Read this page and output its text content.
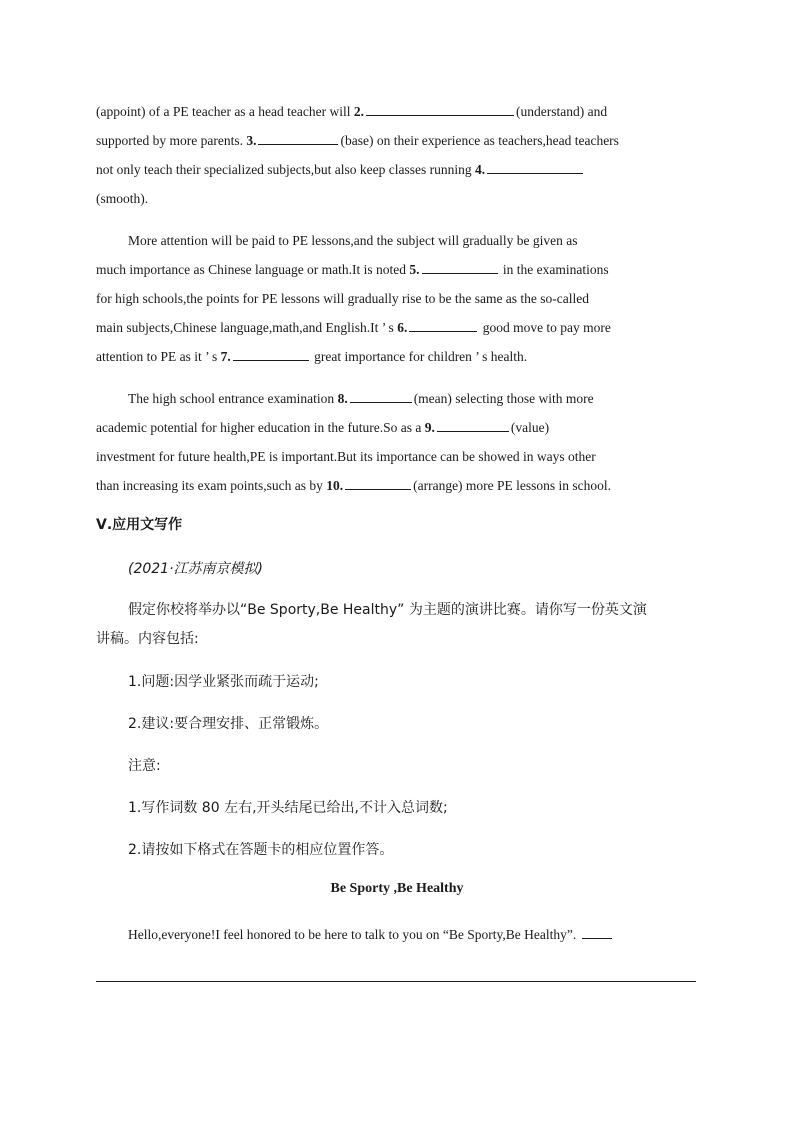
(appoint) of a PE teacher as a head teacher will 2.	(understand) and
supported by more parents. 3.	(base) on their experience as teachers,head teachers
not only teach their specialized subjects,but also keep classes running 4.
(smooth).
More attention will be paid to PE lessons,and the subject will gradually be given as
much importance as Chinese language or math.It is noted 5.	in the examinations
for high schools,the points for PE lessons will gradually rise to be the same as the so-called
main subjects,Chinese language,math,and English.It ’ s 6.	good move to pay more
attention to PE as it ’ s 7.	great importance for children ’ s health.
The high school entrance examination 8.	(mean) selecting those with more
academic potential for higher education in the future.So as a 9.	(value)
investment for future health,PE is important.But its importance can be showed in ways other
than increasing its exam points,such as by 10.	(arrange) more PE lessons in school.
Ⅴ.应用文写作
(2021·江苏南京模拟)
假定你校将举办以“Be Sporty,Be Healthy” 为主题的演讲比赛。请你写一份英文演
讲稿。内容包括:
1.问题:因学业紧张而疏于运动;
2.建议:要合理安排、正常锻炼。
注意:
1.写作词数 80 左右,开头结尾已给出,不计入总词数;
2.请按如下格式在答题卡的相应位置作答。
Be Sporty ,Be Healthy
Hello,everyone!I feel honored to be here to talk to you on “Be Sporty,Be Healthy”.
